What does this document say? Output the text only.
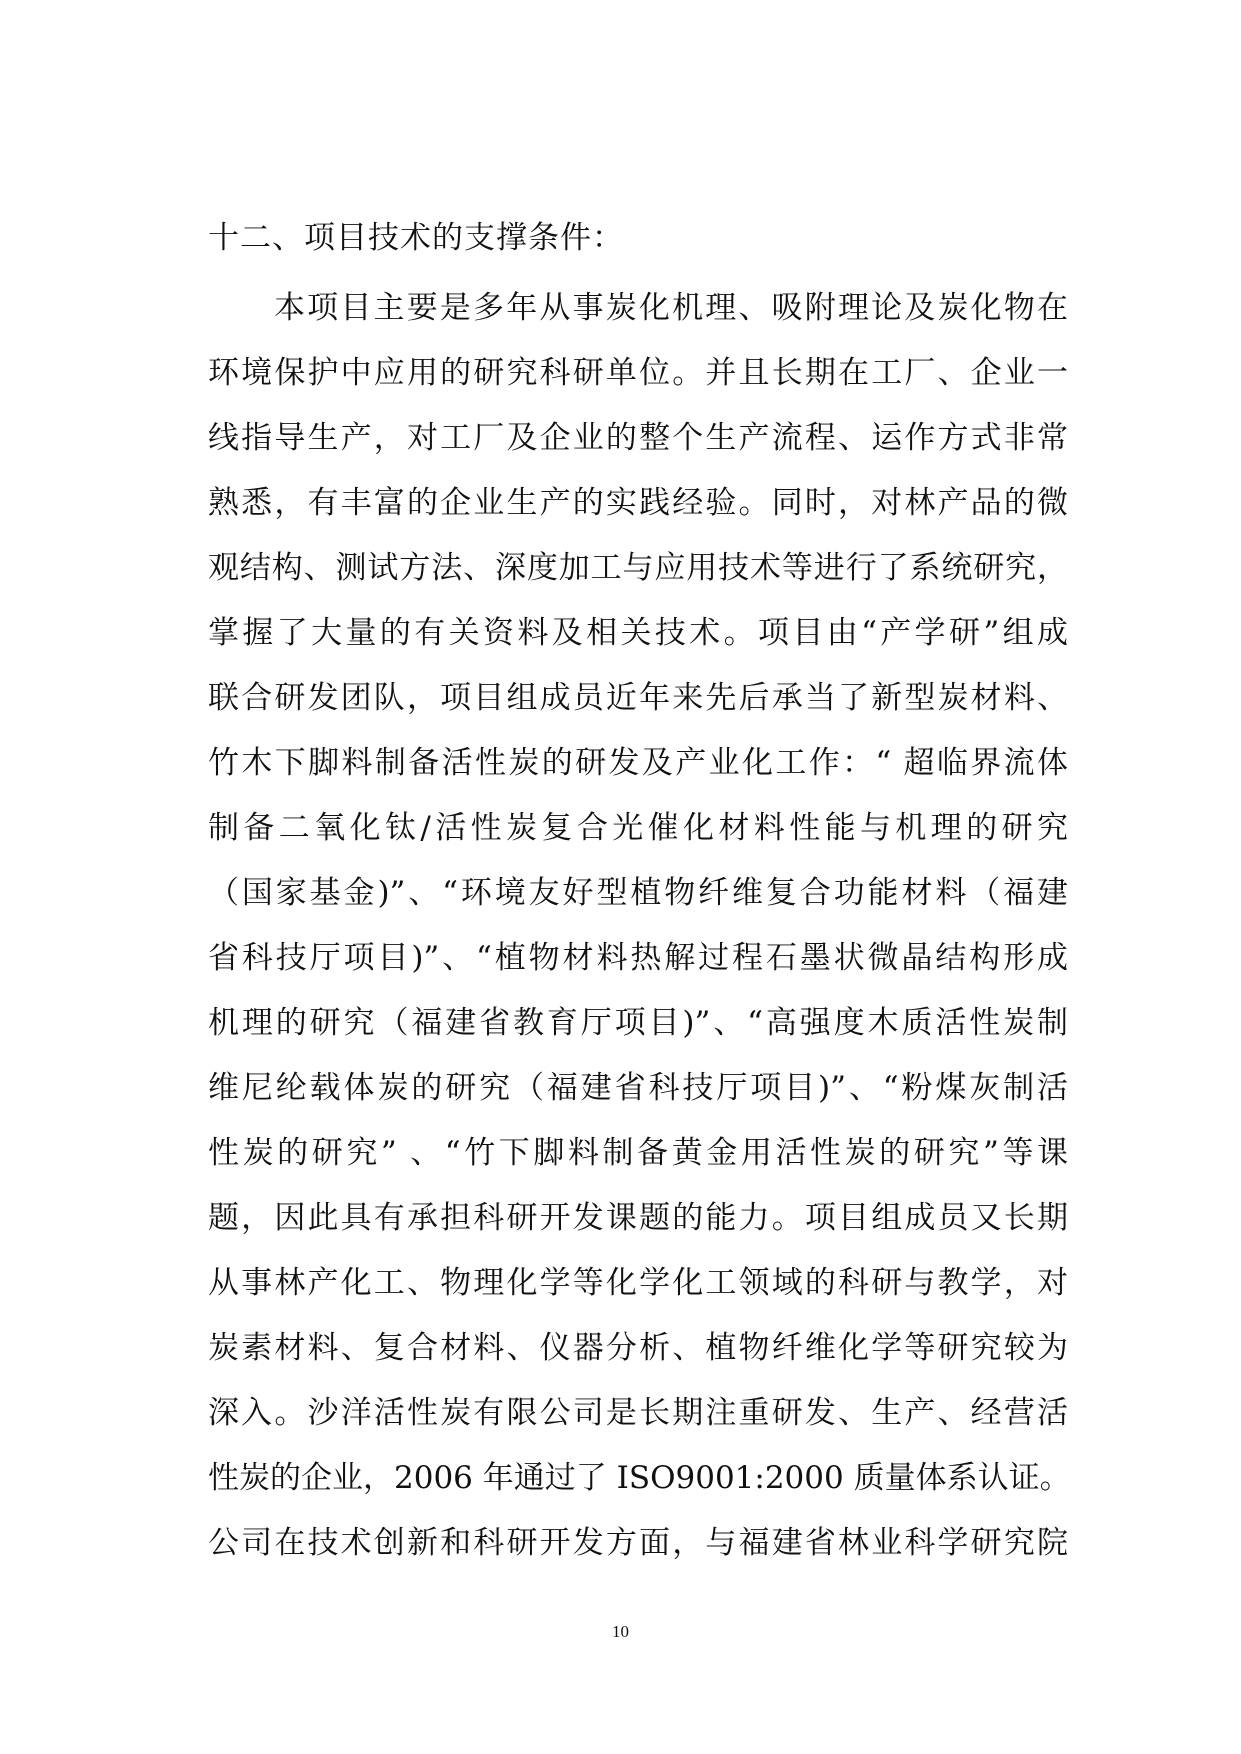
十二、项目技术的支撑条件：
本项目主要是多年从事炭化机理、吸附理论及炭化物在
环境保护中应用的研究科研单位。并且长期在工厂、企业一
线指导生产，对工厂及企业的整个生产流程、运作方式非常
熟悉，有丰富的企业生产的实践经验。同时，对林产品的微
观结构、测试方法、深度加工与应用技术等进行了系统研究，
掌握了大量的有关资料及相关技术。项目由“产学研”组成
联合研发团队，项目组成员近年来先后承当了新型炭材料、
竹木下脚料制备活性炭的研发及产业化工作：“ 超临界流体
制备二氧化钛/活性炭复合光催化材料性能与机理的研究
（国家基金)”、“环境友好型植物纤维复合功能材料（福建
省科技厅项目)”、“植物材料热解过程石墨状微晶结构形成
机理的研究（福建省教育厅项目)”、“高强度木质活性炭制
维尼纶载体炭的研究（福建省科技厅项目)”、“粉煤灰制活
性炭的研究” 、“竹下脚料制备黄金用活性炭的研究”等课
题，因此具有承担科研开发课题的能力。项目组成员又长期
从事林产化工、物理化学等化学化工领域的科研与教学，对
炭素材料、复合材料、仪器分析、植物纤维化学等研究较为
深入。沙洋活性炭有限公司是长期注重研发、生产、经营活
性炭的企业，2006 年通过了 ISO9001:2000 质量体系认证。
公司在技术创新和科研开发方面，与福建省林业科学研究院
10
